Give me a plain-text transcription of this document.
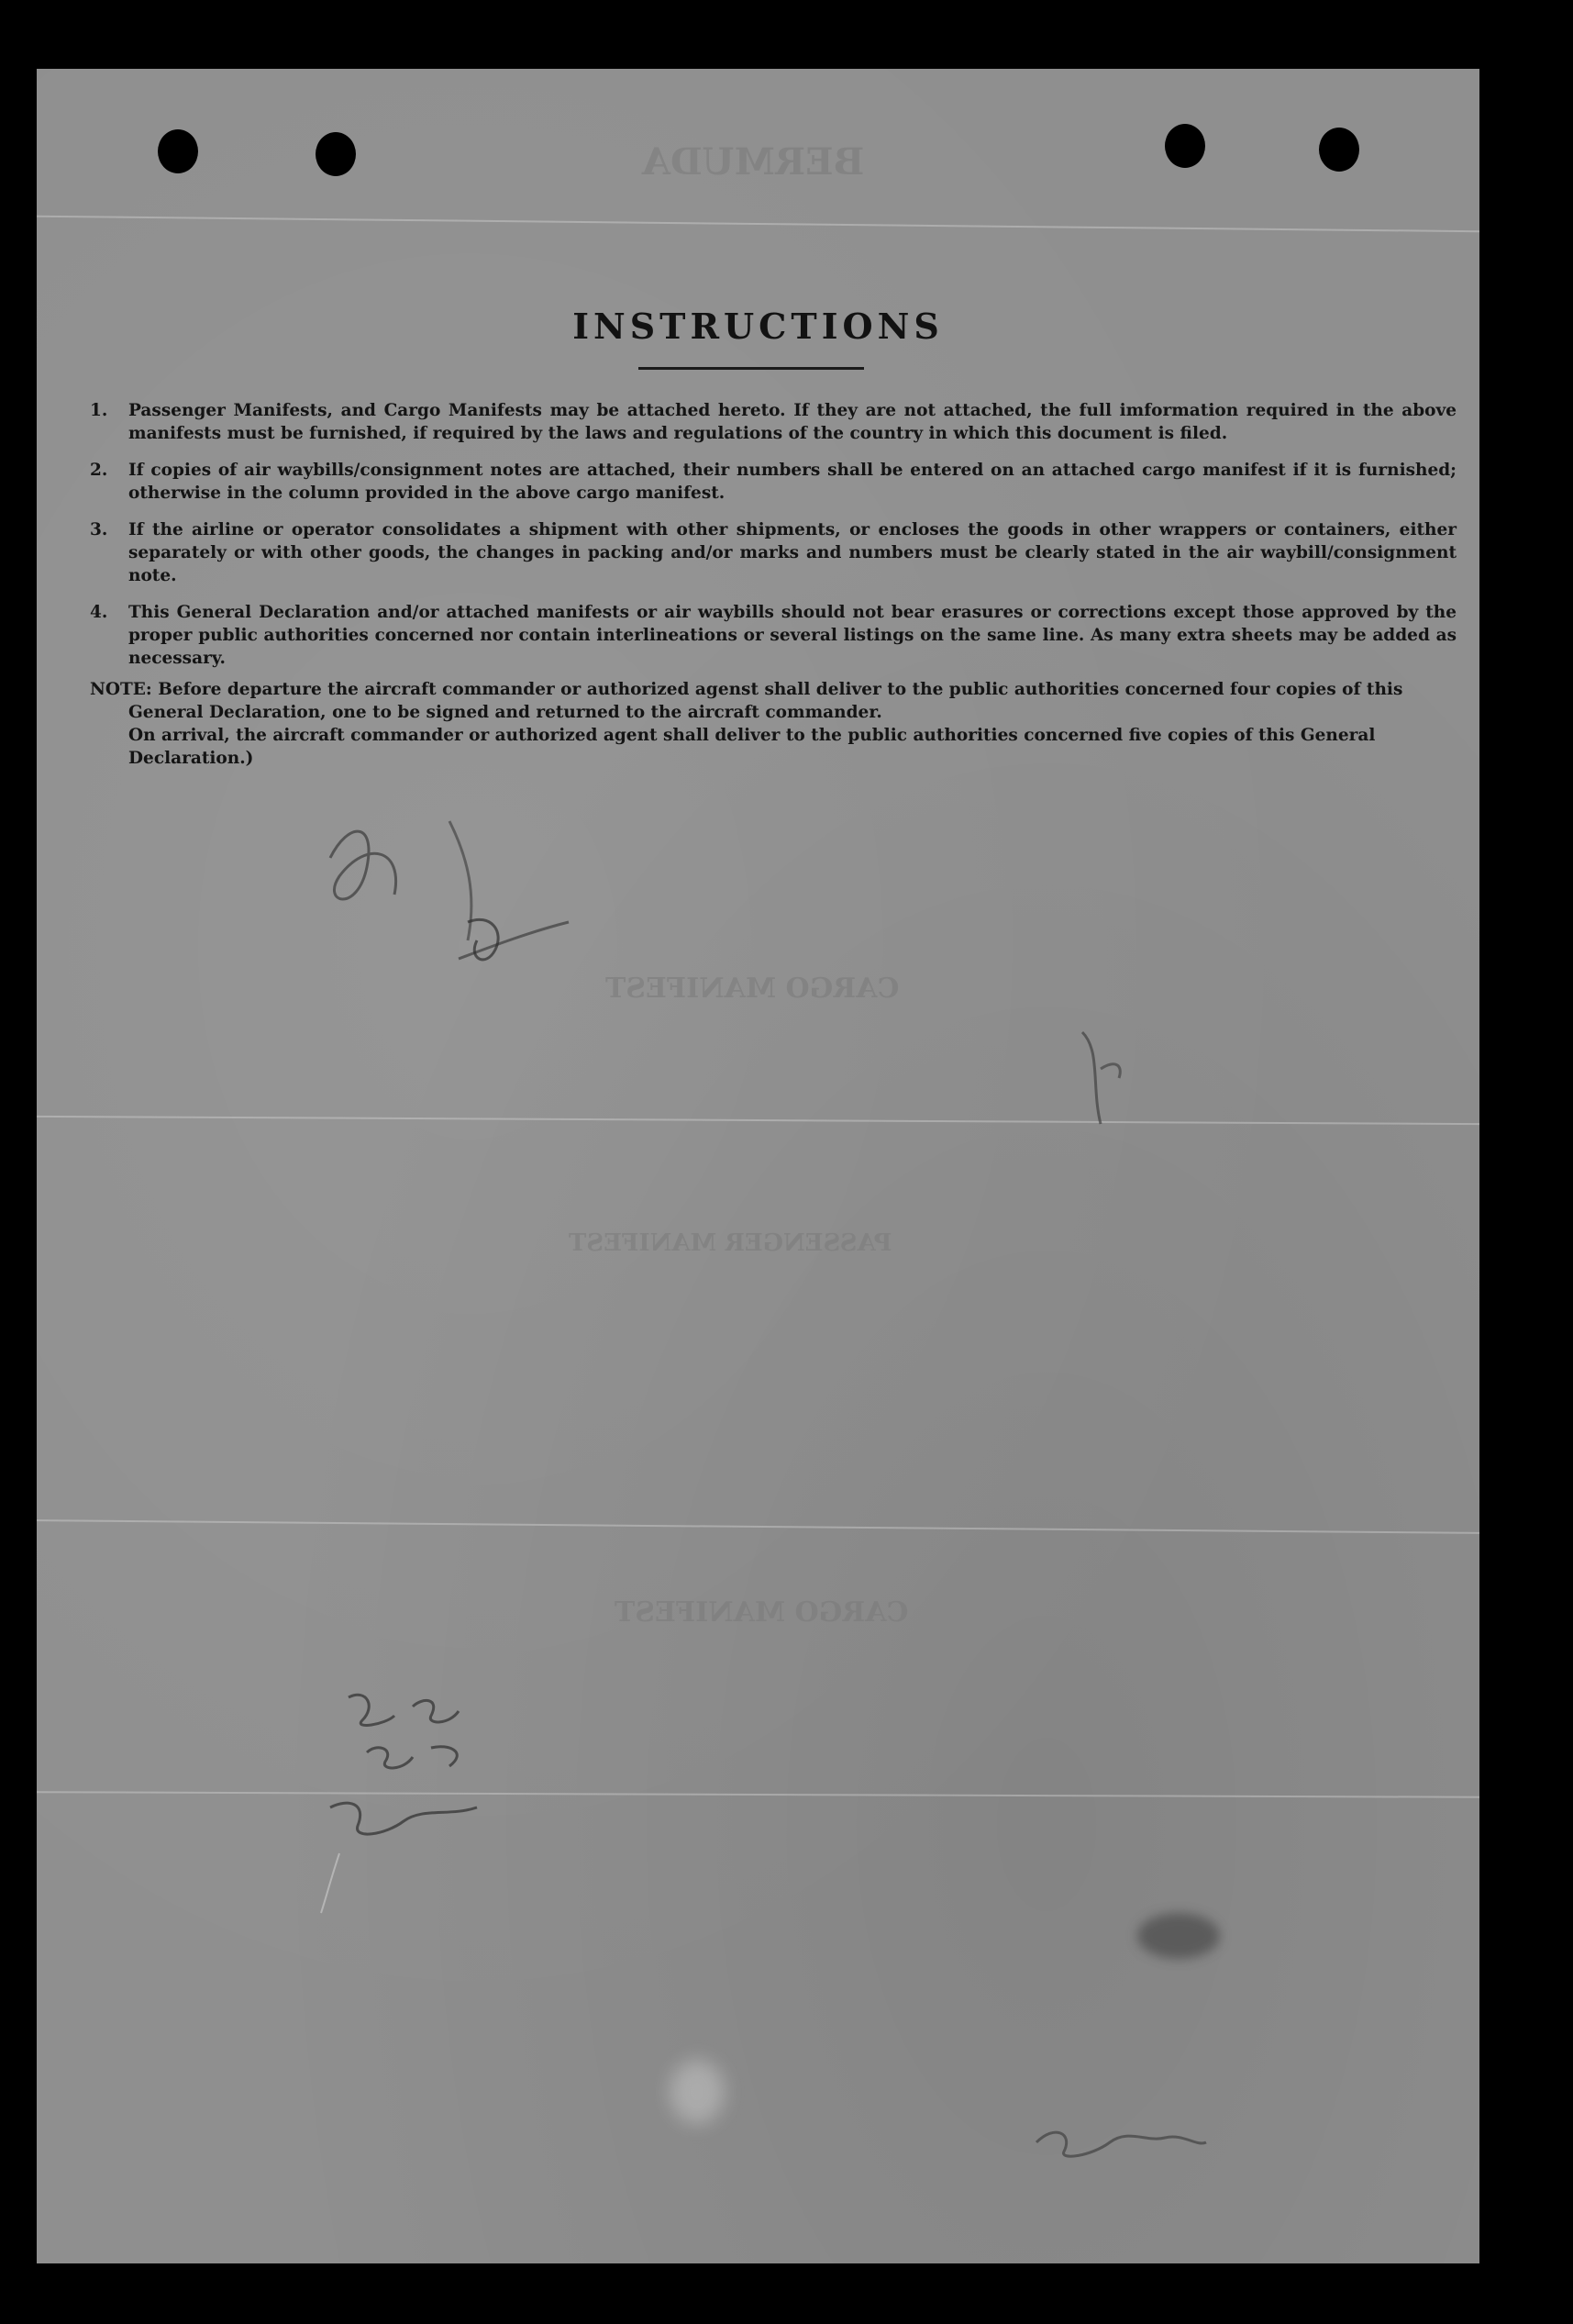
BERMUDA
CARGO MANIFEST
PASSENGER MANIFEST
CARGO MANIFEST
INSTRUCTIONS
1.	Passenger Manifests, and Cargo Manifests may be attached hereto. If they are not attached, the full imformation required in the above manifests must be furnished, if required by the laws and regulations of the country in which this document is filed.
2.	If copies of air waybills/consignment notes are attached, their numbers shall be entered on an attached cargo manifest if it is furnished; otherwise in the column provided in the above cargo manifest.
3.	If the airline or operator consolidates a shipment with other shipments, or encloses the goods in other wrappers or containers, either separately or with other goods, the changes in packing and/or marks and numbers must be clearly stated in the air waybill/consignment note.
4.	This General Declaration and/or attached manifests or air waybills should not bear erasures or corrections except those approved by the proper public authorities concerned nor contain interlineations or several listings on the same line. As many extra sheets may be added as necessary.
NOTE: Before departure the aircraft commander or authorized agenst shall deliver to the public authorities concerned four copies of this General Declaration, one to be signed and returned to the aircraft commander.
On arrival, the aircraft commander or authorized agent shall deliver to the public authorities concerned five copies of this General Declaration.)
